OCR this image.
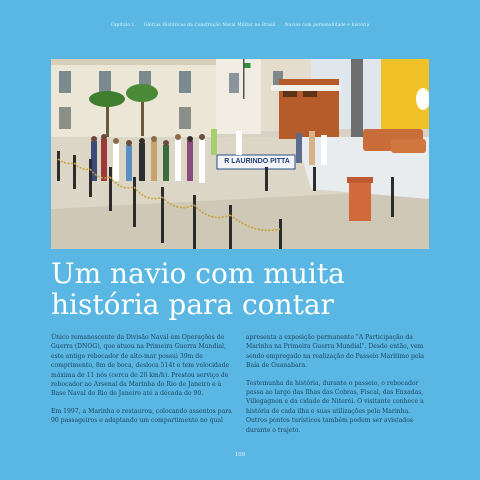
Capítulo 1 Glórias Históricas da Construção Naval Militar no Brasil Navios com personalidade e história
R LAURINDO PITTA
Um navio com muita
história para contar

Único remanescente da Divisão Naval em Operações de Guerra (DNOG), que atuou na Primeira Guerra Mundial, este antigo rebocador de alto-mar possui 39m de comprimento, 8m de boca, desloca 514t e tem velocidade máxima de 11 nós (cerca de 20 km/h). Prestou serviço de rebocador ao Arsenal da Marinha do Rio de Janeiro e à Base Naval do Rio de Janeiro até a década de 90.

Em 1997, a Marinha o restaurou, colocando assentos para 90 passageiros e adaptando um compartimento no qual

apresenta a exposição permanente "A Participação da Marinha na Primeira Guerra Mundial". Desde então, vem sendo empregado na realização do Passeio Marítimo pela Baía de Guanabara.

Testemunha da história, durante o passeio, o rebocador passa ao largo das Ilhas das Cobras, Fiscal, das Enxadas, Villegagnon e da cidade de Niterói. O visitante conhece a história de cada ilha e suas utilizações pela Marinha. Outros pontos turísticos também podem ser avistados durante o trajeto.

109
